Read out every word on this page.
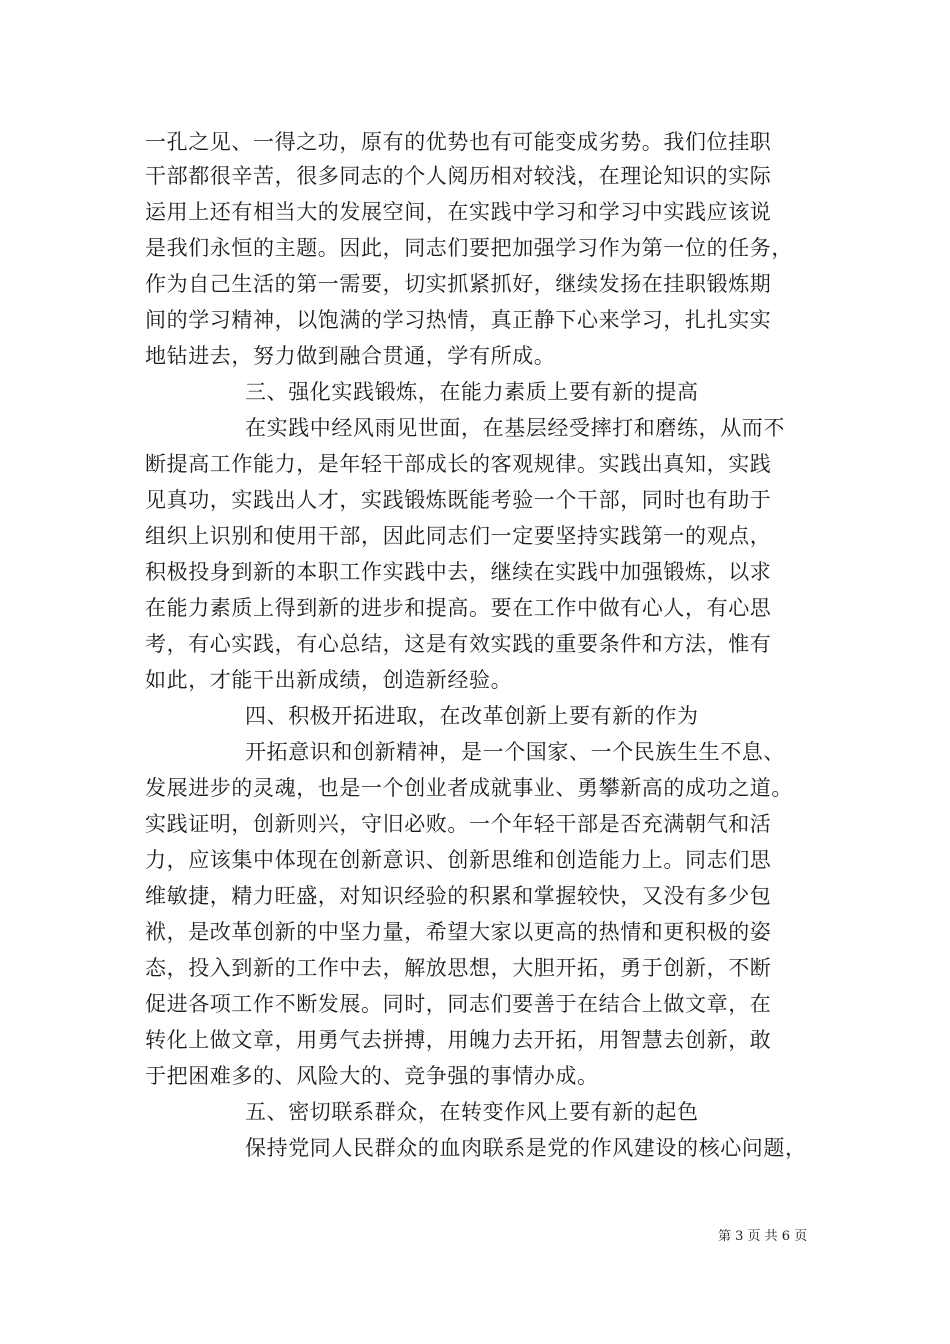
一孔之见、一得之功，原有的优势也有可能变成劣势。我们位挂职
干部都很辛苦，很多同志的个人阅历相对较浅，在理论知识的实际
运用上还有相当大的发展空间，在实践中学习和学习中实践应该说
是我们永恒的主题。因此，同志们要把加强学习作为第一位的任务，
作为自己生活的第一需要，切实抓紧抓好，继续发扬在挂职锻炼期
间的学习精神，以饱满的学习热情，真正静下心来学习，扎扎实实
地钻进去，努力做到融合贯通，学有所成。
三、强化实践锻炼，在能力素质上要有新的提高
在实践中经风雨见世面，在基层经受摔打和磨练，从而不
断提高工作能力，是年轻干部成长的客观规律。实践出真知，实践
见真功，实践出人才，实践锻炼既能考验一个干部，同时也有助于
组织上识别和使用干部，因此同志们一定要坚持实践第一的观点，
积极投身到新的本职工作实践中去，继续在实践中加强锻炼，以求
在能力素质上得到新的进步和提高。要在工作中做有心人，有心思
考，有心实践，有心总结，这是有效实践的重要条件和方法，惟有
如此，才能干出新成绩，创造新经验。
四、积极开拓进取，在改革创新上要有新的作为
开拓意识和创新精神，是一个国家、一个民族生生不息、
发展进步的灵魂，也是一个创业者成就事业、勇攀新高的成功之道。
实践证明，创新则兴，守旧必败。一个年轻干部是否充满朝气和活
力，应该集中体现在创新意识、创新思维和创造能力上。同志们思
维敏捷，精力旺盛，对知识经验的积累和掌握较快，又没有多少包
袱，是改革创新的中坚力量，希望大家以更高的热情和更积极的姿
态，投入到新的工作中去，解放思想，大胆开拓，勇于创新，不断
促进各项工作不断发展。同时，同志们要善于在结合上做文章，在
转化上做文章，用勇气去拼搏，用魄力去开拓，用智慧去创新，敢
于把困难多的、风险大的、竞争强的事情办成。
五、密切联系群众，在转变作风上要有新的起色
保持党同人民群众的血肉联系是党的作风建设的核心问题，
第 3 页 共 6 页
